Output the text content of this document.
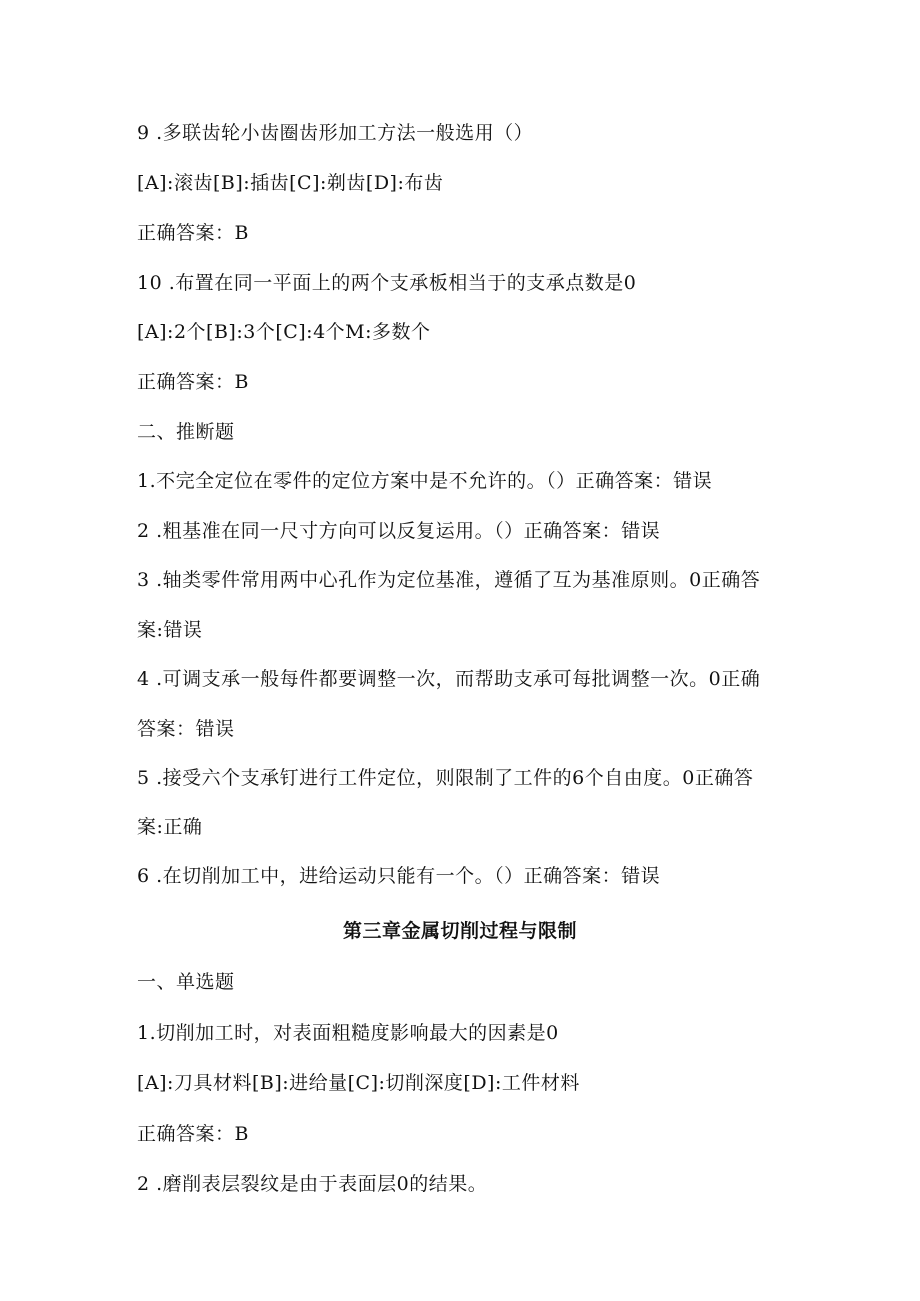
9 .多联齿轮小齿圈齿形加工方法一般选用（）
[A]:滚齿[B]:插齿[C]:剃齿[D]:布齿
正确答案：B
10 .布置在同一平面上的两个支承板相当于的支承点数是0
[A]:2个[B]:3个[C]:4个M:多数个
正确答案：B
二、推断题
1.不完全定位在零件的定位方案中是不允许的。（）正确答案：错误
2 .粗基准在同一尺寸方向可以反复运用。（）正确答案：错误
3 .轴类零件常用两中心孔作为定位基准，遵循了互为基准原则。0正确答
案:错误
4 .可调支承一般每件都要调整一次，而帮助支承可每批调整一次。0正确
答案：错误
5 .接受六个支承钉进行工件定位，则限制了工件的6个自由度。0正确答
案:正确
6 .在切削加工中，进给运动只能有一个。（）正确答案：错误
第三章金属切削过程与限制
一、单选题
1.切削加工时，对表面粗糙度影响最大的因素是0
[A]:刀具材料[B]:进给量[C]:切削深度[D]:工件材料
正确答案：B
2 .磨削表层裂纹是由于表面层0的结果。
